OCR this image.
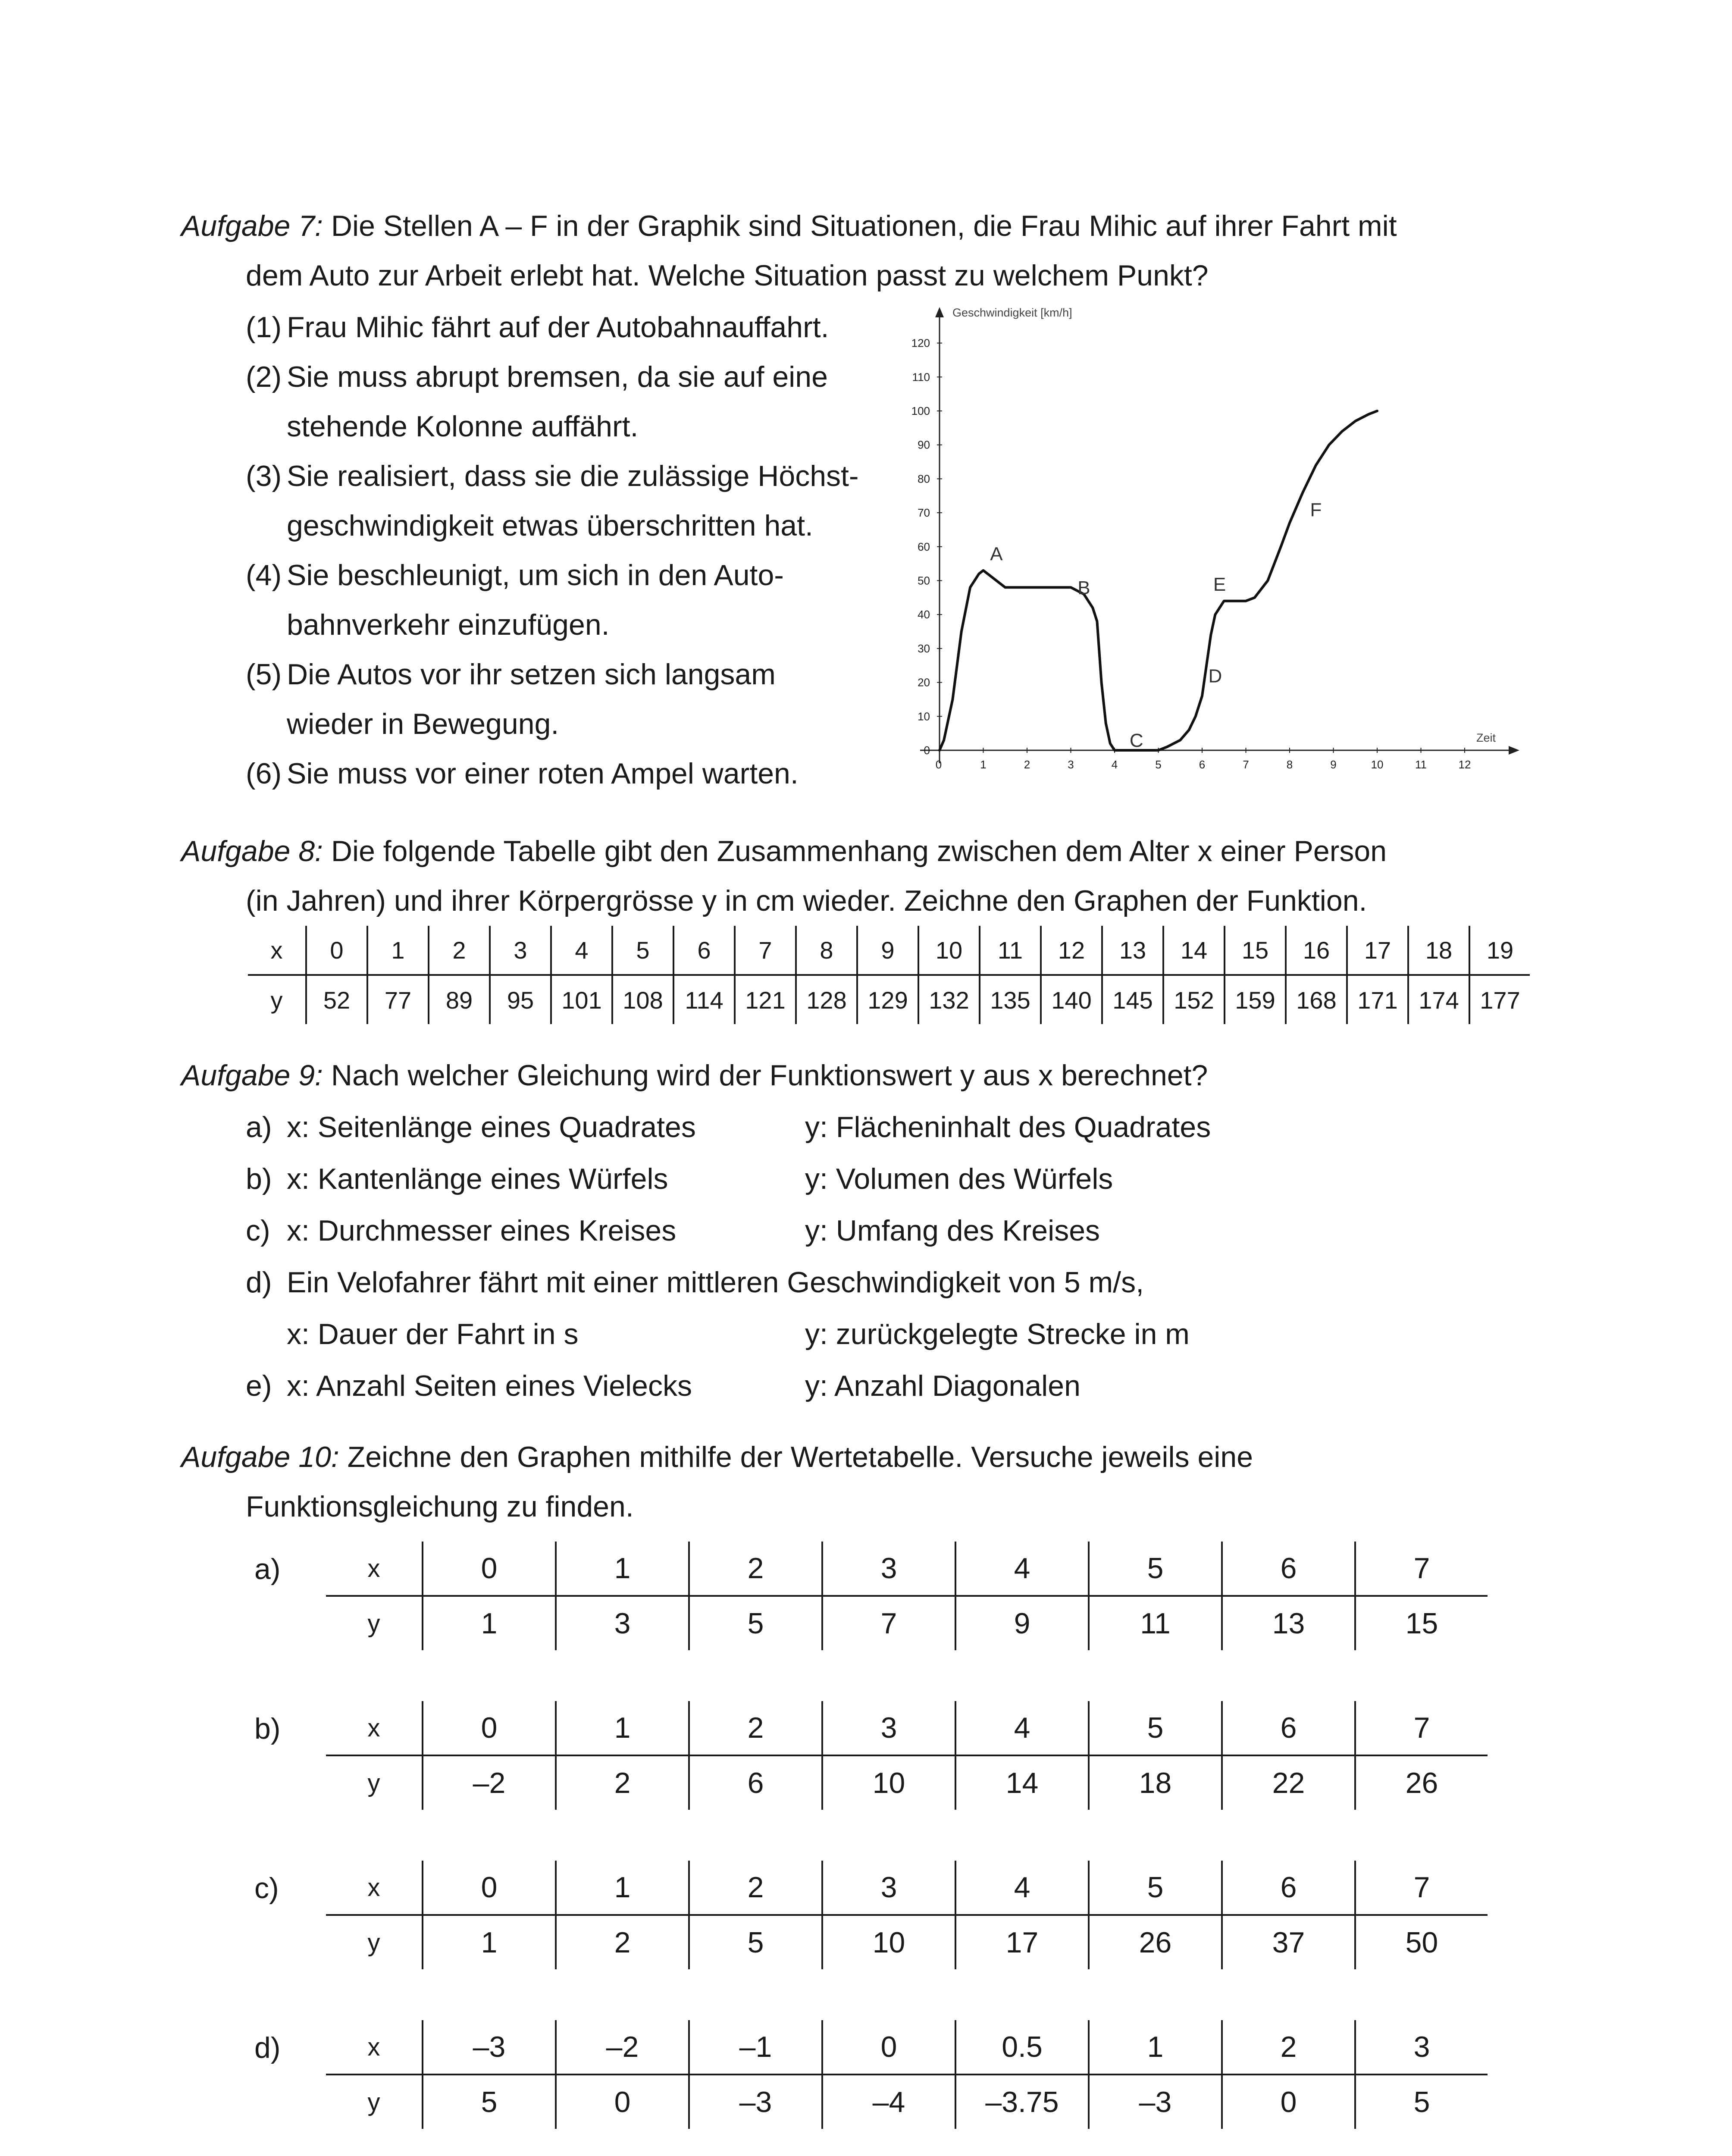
Aufgabe 7: Die Stellen A – F in der Graphik sind Situationen, die Frau Mihic auf ihrer Fahrt mit
dem Auto zur Arbeit erlebt hat. Welche Situation passt zu welchem Punkt?
(1) Frau Mihic fährt auf der Autobahnauffahrt.
(2) Sie muss abrupt bremsen, da sie auf eine
stehende Kolonne auffährt.
(3) Sie realisiert, dass sie die zulässige Höchst-
geschwindigkeit etwas überschritten hat.
(4) Sie beschleunigt, um sich in den Auto-
bahnverkehr einzufügen.
(5) Die Autos vor ihr setzen sich langsam
wieder in Bewegung.
(6) Sie muss vor einer roten Ampel warten.	0	1	2	3	4	5	6	7	8	9	10	11	12
0
10
20
30
40
50
60
70
80
90
100
110
120
Geschwindigkeit [km/h]
Zeit
A
B
C
D
E
F
Aufgabe 8: Die folgende Tabelle gibt den Zusammenhang zwischen dem Alter x einer Person
(in Jahren) und ihrer Körpergrösse y in cm wieder. Zeichne den Graphen der Funktion.
x	0	1	2	3	4	5	6	7	8	9	10	11	12	13	14	15	16	17	18	19
y	52	77	89	95	101	108	114	121	128	129	132	135	140	145	152	159	168	171	174	177
Aufgabe 9: Nach welcher Gleichung wird der Funktionswert y aus x berechnet?
a) x: Seitenlänge eines Quadrates	y: Flächeninhalt des Quadrates
b) x: Kantenlänge eines Würfels	y: Volumen des Würfels
c) x: Durchmesser eines Kreises	y: Umfang des Kreises
d) Ein Velofahrer fährt mit einer mittleren Geschwindigkeit von 5 m/s,
x: Dauer der Fahrt in s	y: zurückgelegte Strecke in m
e) x: Anzahl Seiten eines Vielecks	y: Anzahl Diagonalen
Aufgabe 10: Zeichne den Graphen mithilfe der Wertetabelle. Versuche jeweils eine
Funktionsgleichung zu finden.
a)	x	0	1	2	3	4	5	6	7
y	1	3	5	7	9	11	13	15
b)	x	0	1	2	3	4	5	6	7
y	–2	2	6	10	14	18	22	26
c)	x	0	1	2	3	4	5	6	7
y	1	2	5	10	17	26	37	50
d)	x	–3	–2	–1	0	0.5	1	2	3
y	5	0	–3	–4	–3.75	–3	0	5
